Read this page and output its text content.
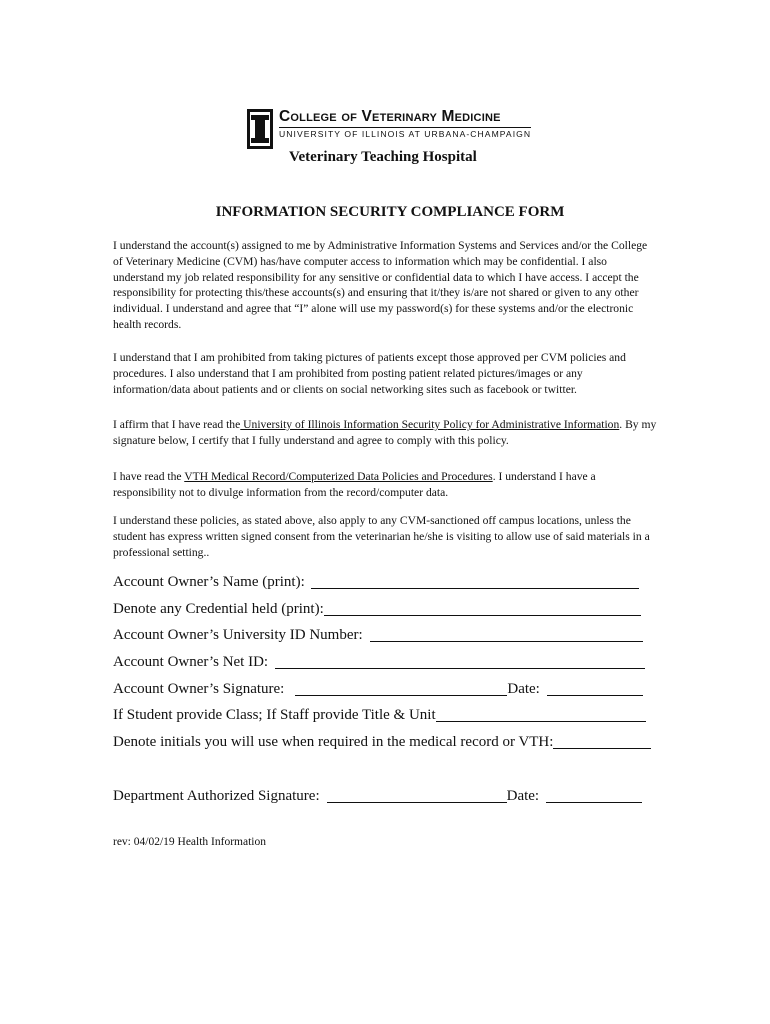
College of Veterinary Medicine
UNIVERSITY OF ILLINOIS AT URBANA-CHAMPAIGN
Veterinary Teaching Hospital
INFORMATION SECURITY COMPLIANCE FORM

I understand the account(s) assigned to me by Administrative Information Systems and Services and/or the College of Veterinary Medicine (CVM) has/have computer access to information which may be confidential. I also understand my job related responsibility for any sensitive or confidential data to which I have access. I accept the responsibility for protecting this/these accounts(s) and ensuring that it/they is/are not shared or given to any other individual. I understand and agree that “I” alone will use my password(s) for these systems and/or the electronic health records.

I understand that I am prohibited from taking pictures of patients except those approved per CVM policies and procedures. I also understand that I am prohibited from posting patient related pictures/images or any information/data about patients and or clients on social networking sites such as facebook or twitter.

I affirm that I have read the University of Illinois Information Security Policy for Administrative Information. By my signature below, I certify that I fully understand and agree to comply with this policy.

I have read the VTH Medical Record/Computerized Data Policies and Procedures. I understand I have a responsibility not to divulge information from the record/computer data.

I understand these policies, as stated above, also apply to any CVM-sanctioned off campus locations, unless the student has express written signed consent from the veterinarian he/she is visiting to allow use of said materials in a professional setting..

Account Owner’s Name (print):
Denote any Credential held (print):
Account Owner’s University ID Number:
Account Owner’s Net ID:
Account Owner’s Signature:	Date:
If Student provide Class; If Staff provide Title & Unit
Denote initials you will use when required in the medical record or VTH:
Department Authorized Signature:	Date:
rev: 04/02/19 Health Information
